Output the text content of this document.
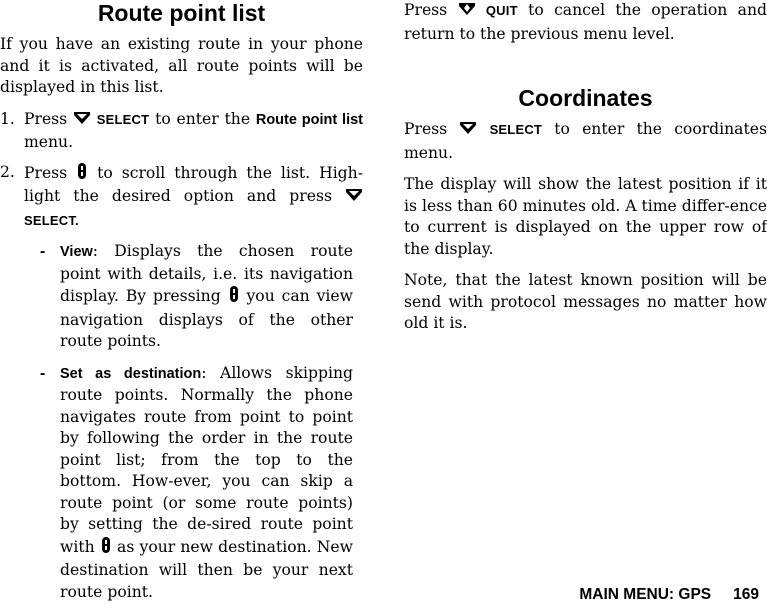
Route point list

If you have an existing route in your phone and it is activated, all route points will be displayed in this list.

1. Press SELECT to enter the Route point list menu.
2. Press to scroll through the list. High-light the desired option and press  SELECT.
- View: Displays the chosen route point with details, i.e. its navigation display. By pressing you can view navigation displays of the other route points.
- Set as destination: Allows skipping route points. Normally the phone navigates route from point to point by following the order in the route point list; from the top to the bottom. How-ever, you can skip a route point (or some route points) by setting the de-sired route point with as your new destination. New destination will then be your next route point.

Press	QUIT to cancel the operation and return to the previous menu level.

Coordinates

Press	SELECT to enter the coordinates menu.

The display will show the latest position if it is less than 60 minutes old. A time differ-ence to current is displayed on the upper row of the display.

Note, that the latest known position will be send with protocol messages no matter how old it is.

MAIN MENU: GPS 169
